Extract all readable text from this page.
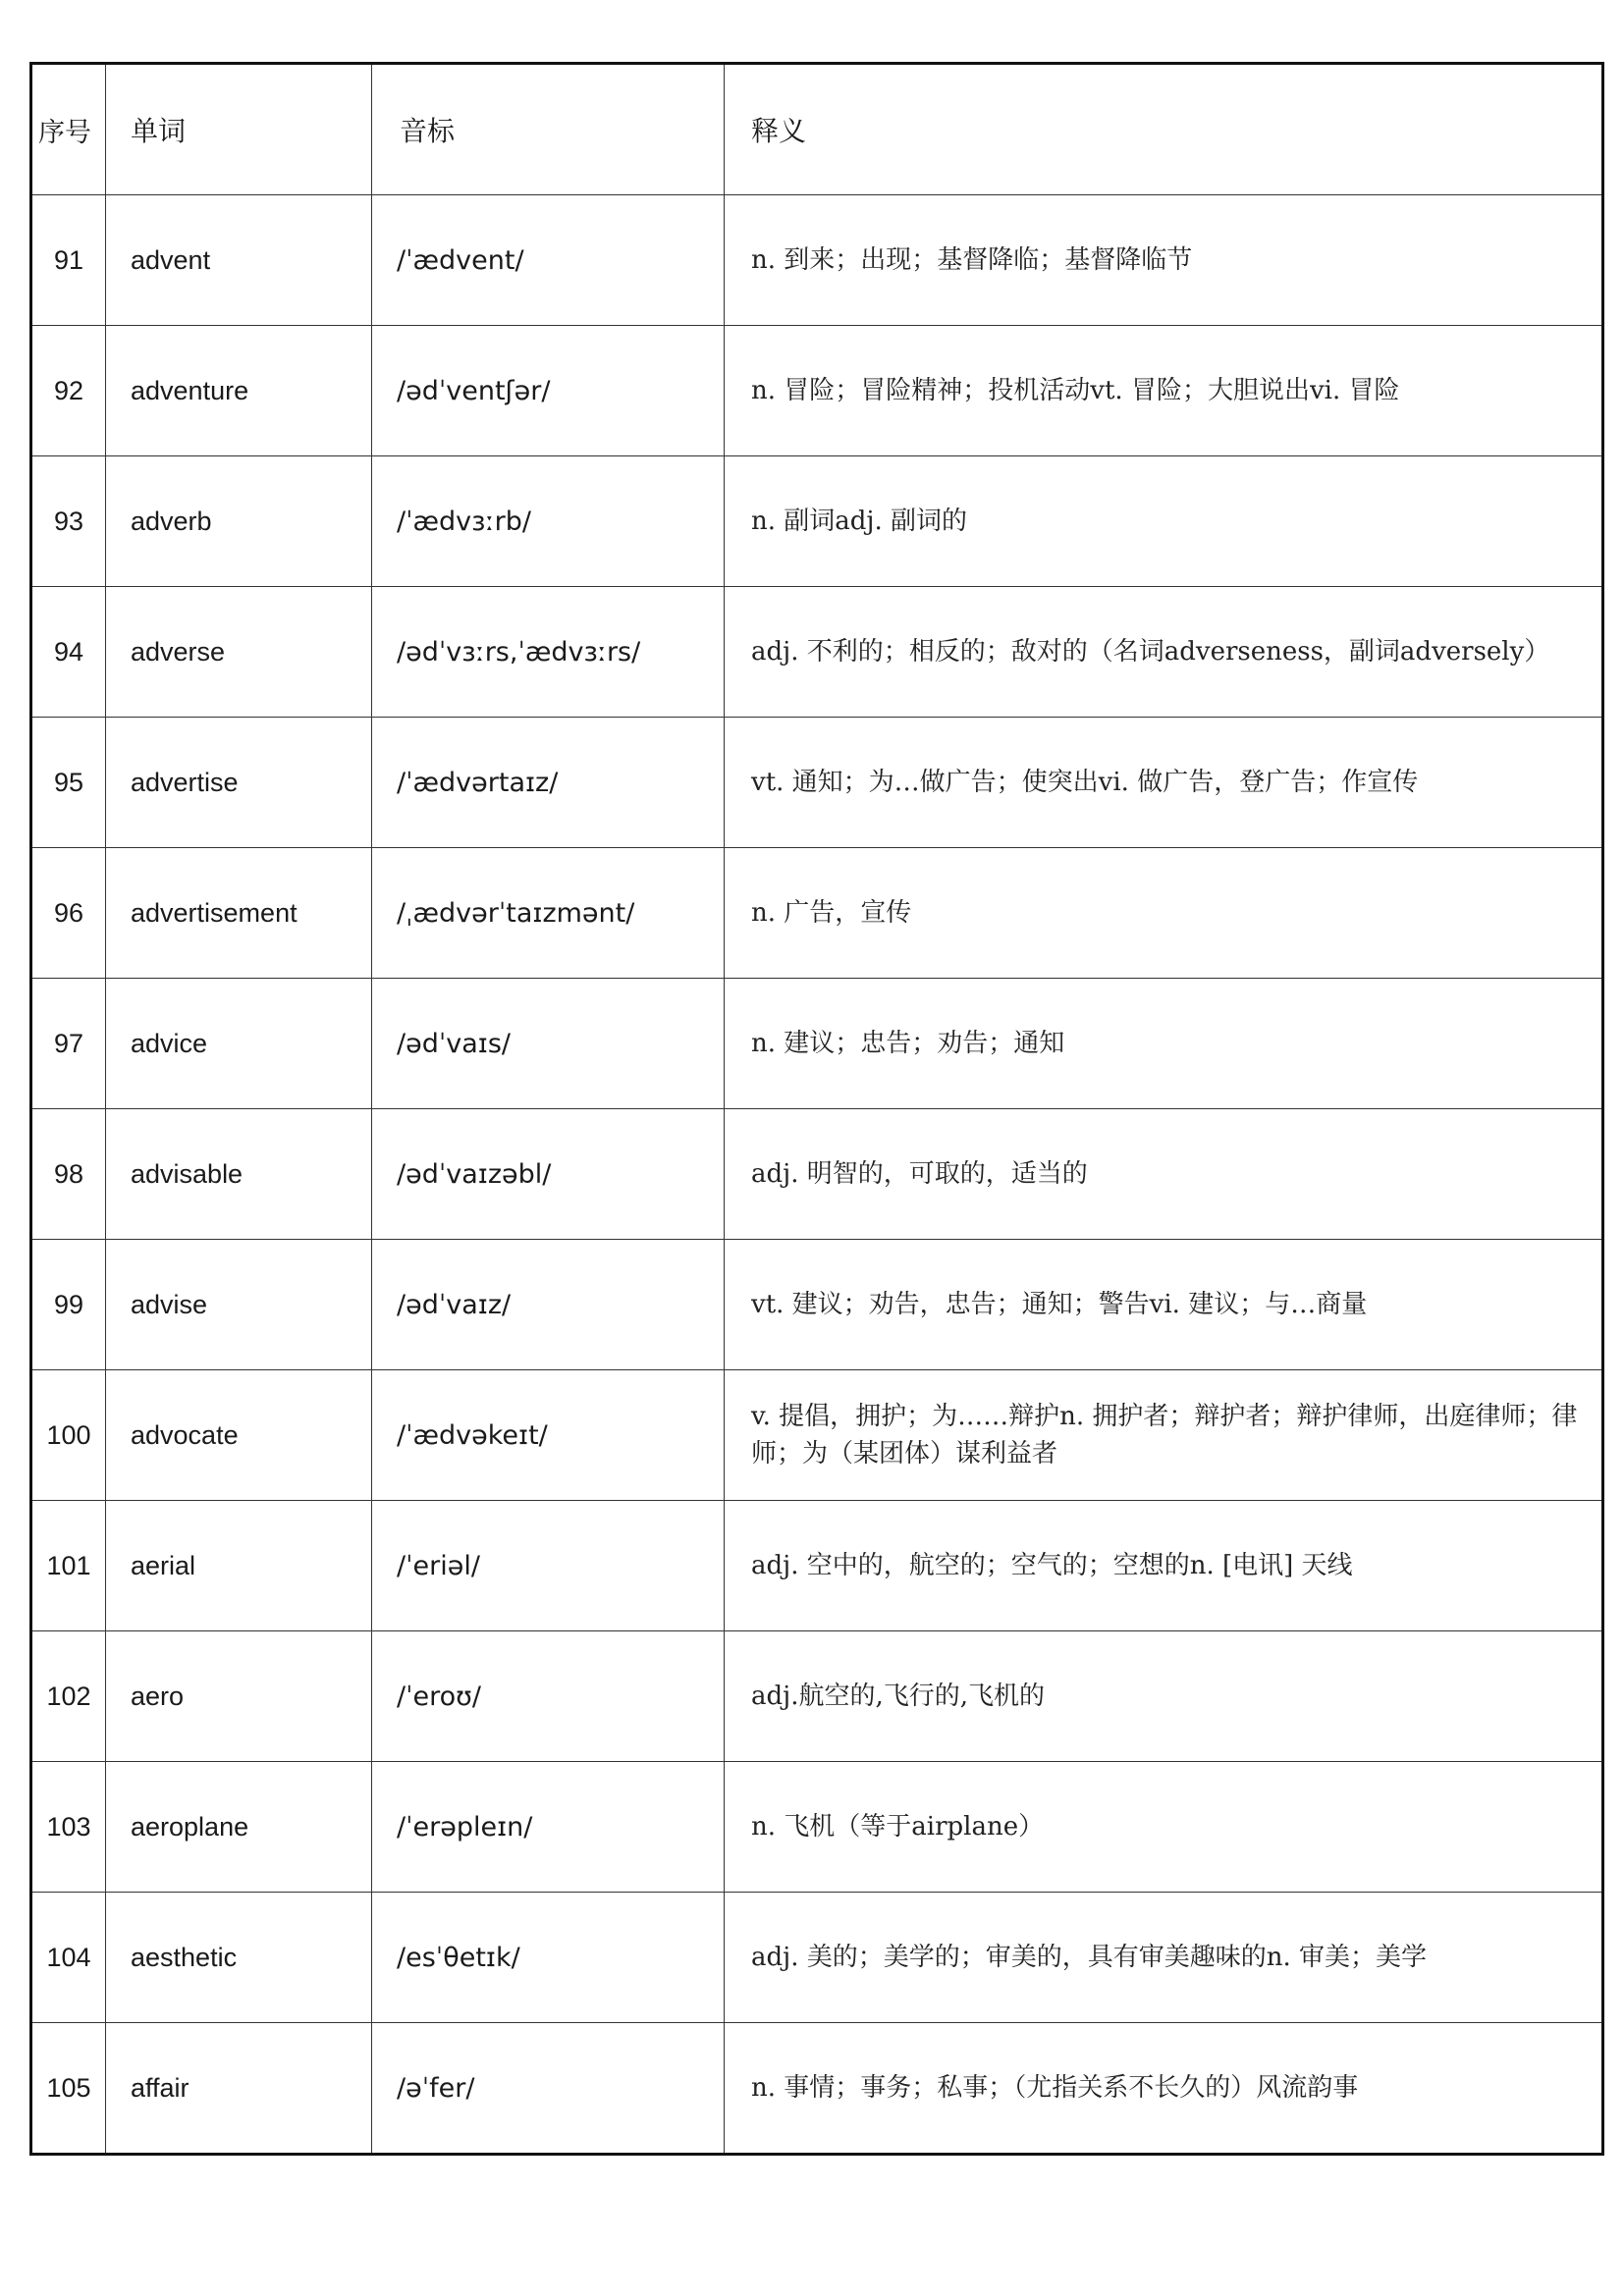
序号	单词	音标	释义
91	advent	/ˈædvent/	n. 到来；出现；基督降临；基督降临节
92	adventure	/ədˈventʃər/	n. 冒险；冒险精神；投机活动vt. 冒险；大胆说出vi. 冒险
93	adverb	/ˈædvɜːrb/	n. 副词adj. 副词的
94	adverse	/ədˈvɜːrs,ˈædvɜːrs/	adj. 不利的；相反的；敌对的（名词adverseness，副词adversely）
95	advertise	/ˈædvərtaɪz/	vt. 通知；为…做广告；使突出vi. 做广告，登广告；作宣传
96	advertisement	/ˌædvərˈtaɪzmənt/	n. 广告，宣传
97	advice	/ədˈvaɪs/	n. 建议；忠告；劝告；通知
98	advisable	/ədˈvaɪzəbl/	adj. 明智的，可取的，适当的
99	advise	/ədˈvaɪz/	vt. 建议；劝告，忠告；通知；警告vi. 建议；与…商量
100	advocate	/ˈædvəkeɪt/	v. 提倡，拥护；为……辩护n. 拥护者；辩护者；辩护律师，出庭律师；律师；为（某团体）谋利益者
101	aerial	/ˈeriəl/	adj. 空中的，航空的；空气的；空想的n. [电讯] 天线
102	aero	/ˈeroʊ/	adj.航空的,飞行的,飞机的
103	aeroplane	/ˈerəpleɪn/	n. 飞机（等于airplane）
104	aesthetic	/esˈθetɪk/	adj. 美的；美学的；审美的，具有审美趣味的n. 审美；美学
105	affair	/əˈfer/	n. 事情；事务；私事；（尤指关系不长久的）风流韵事
